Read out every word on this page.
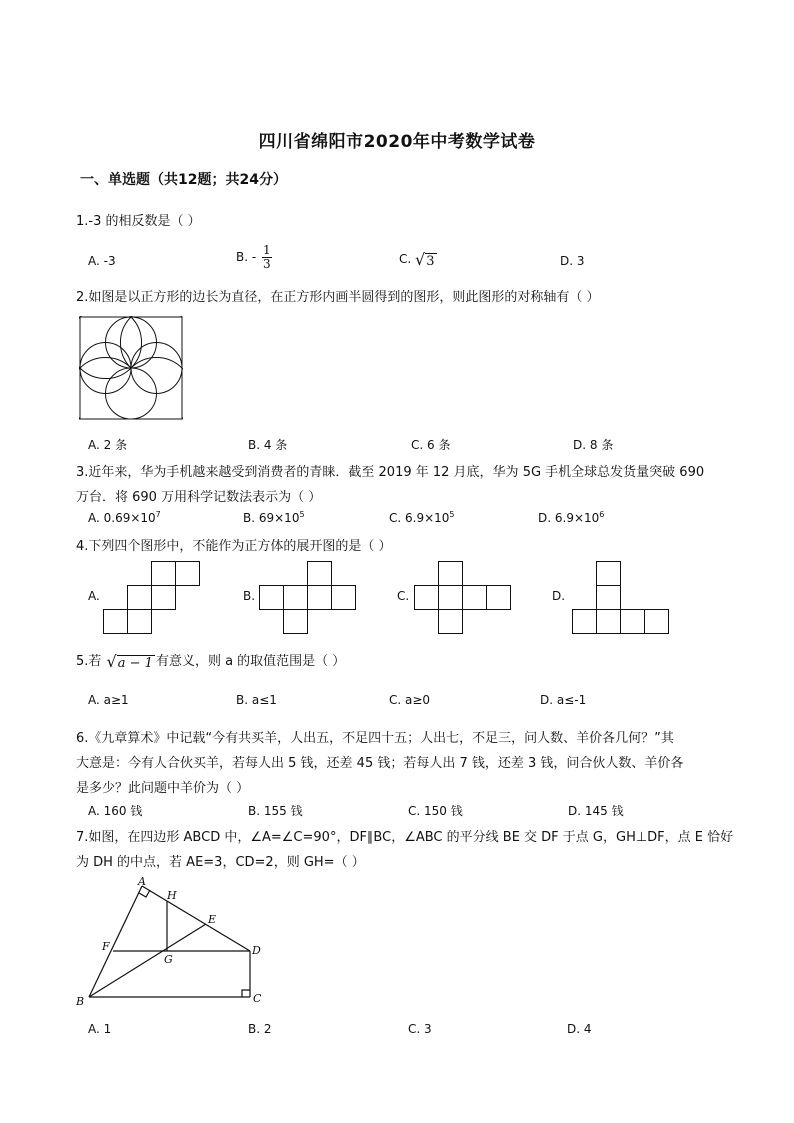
四川省绵阳市2020年中考数学试卷
一、单选题（共12题；共24分）
1.-3 的相反数是（ ）
A. -3	B. - $\frac{1}{3}$	C. √3	D. 3
2.如图是以正方形的边长为直径，在正方形内画半圆得到的图形，则此图形的对称轴有（ ）
A. 2 条	B. 4 条	C. 6 条	D. 8 条
3.近年来，华为手机越来越受到消费者的青睐．截至 2019 年 12 月底，华为 5G 手机全球总发货量突破 690
万台．将 690 万用科学记数法表示为（ ）
A. $0.69\times 10^7$	B. $69\times 10^5$	C. $6.9\times 10^5$	D. $6.9\times 10^6$
4.下列四个图形中，不能作为正方体的展开图的是（ ）
A.	B.	C.	D.
5.若 √a − 1 有意义，则 a 的取值范围是（ ）
A. a≥1	B. a≤1	C. a≥0	D. a≤-1
6.《九章算术》中记载“今有共买羊，人出五，不足四十五；人出七，不足三，问人数、羊价各几何？”其
大意是：今有人合伙买羊，若每人出 5 钱，还差 45 钱；若每人出 7 钱，还差 3 钱，问合伙人数、羊价各
是多少？此问题中羊价为（ ）
A. 160 钱	B. 155 钱	C. 150 钱	D. 145 钱
7.如图，在四边形 ABCD 中，∠A=∠C=90°，DF∥BC，∠ABC 的平分线 BE 交 DF 于点 G，GH⊥DF，点 E 恰好
为 DH 的中点，若 AE=3，CD=2，则 GH=（ ）
A
H
E
F
G
D
B	C
A. 1	B. 2	C. 3	D. 4
